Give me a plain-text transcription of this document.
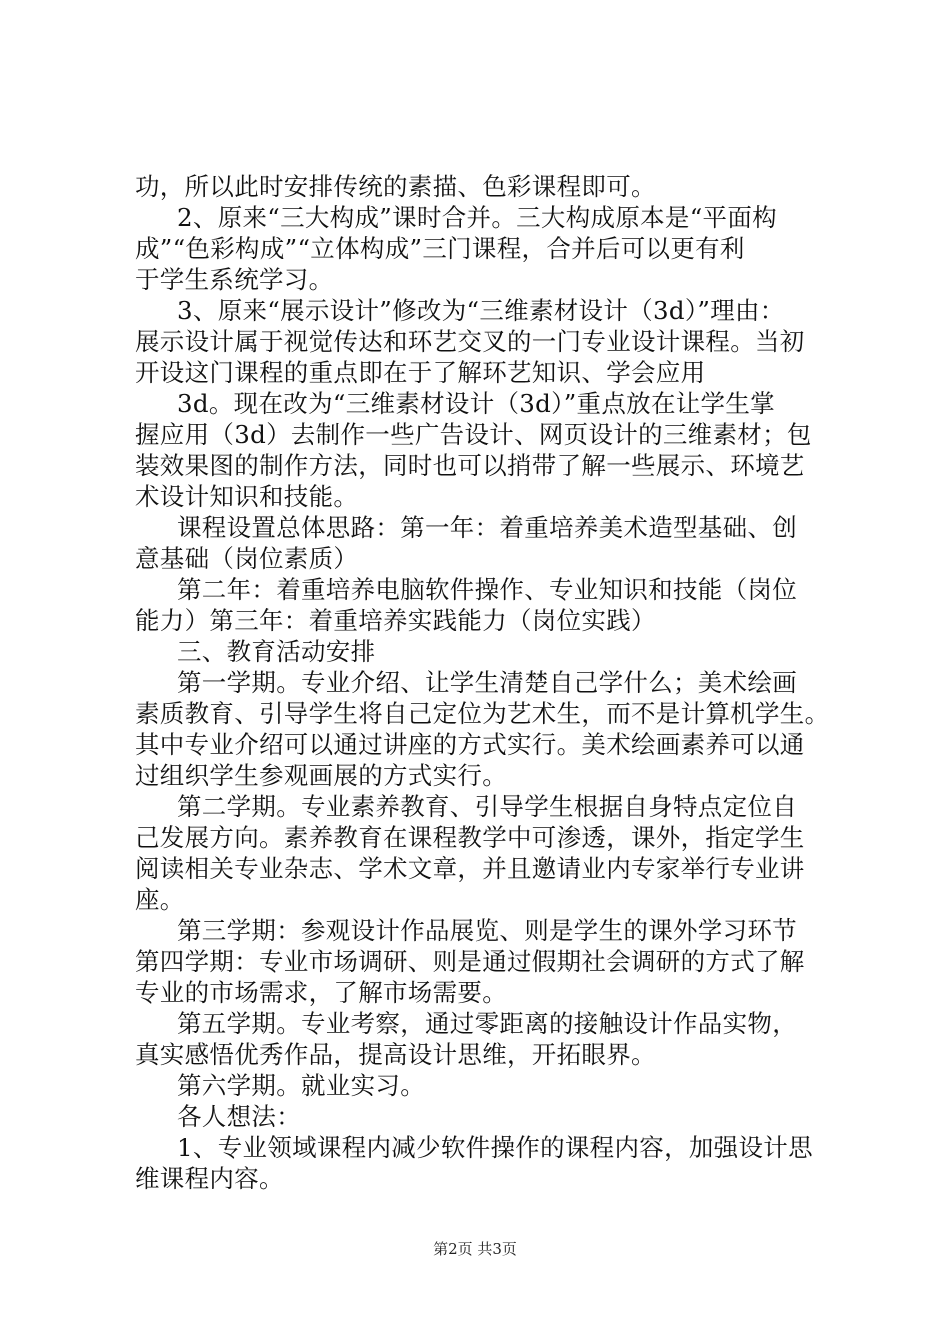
功，所以此时安排传统的素描、色彩课程即可。
2、原来“三大构成”课时合并。三大构成原本是“平面构
成”“色彩构成”“立体构成”三门课程，合并后可以更有利
于学生系统学习。
3、原来“展示设计”修改为“三维素材设计（3d）”理由：
展示设计属于视觉传达和环艺交叉的一门专业设计课程。当初
开设这门课程的重点即在于了解环艺知识、学会应用
3d。现在改为“三维素材设计（3d）”重点放在让学生掌
握应用（3d）去制作一些广告设计、网页设计的三维素材；包
装效果图的制作方法，同时也可以捎带了解一些展示、环境艺
术设计知识和技能。
课程设置总体思路：第一年：着重培养美术造型基础、创
意基础（岗位素质）
第二年：着重培养电脑软件操作、专业知识和技能（岗位
能力）第三年：着重培养实践能力（岗位实践）
三、教育活动安排
第一学期。专业介绍、让学生清楚自己学什么；美术绘画
素质教育、引导学生将自己定位为艺术生，而不是计算机学生。
其中专业介绍可以通过讲座的方式实行。美术绘画素养可以通
过组织学生参观画展的方式实行。
第二学期。专业素养教育、引导学生根据自身特点定位自
己发展方向。素养教育在课程教学中可渗透，课外，指定学生
阅读相关专业杂志、学术文章，并且邀请业内专家举行专业讲
座。
第三学期：参观设计作品展览、则是学生的课外学习环节
第四学期：专业市场调研、则是通过假期社会调研的方式了解
专业的市场需求，了解市场需要。
第五学期。专业考察，通过零距离的接触设计作品实物，
真实感悟优秀作品，提高设计思维，开拓眼界。
第六学期。就业实习。
各人想法：
1、专业领域课程内减少软件操作的课程内容，加强设计思
维课程内容。
第2页 共3页
